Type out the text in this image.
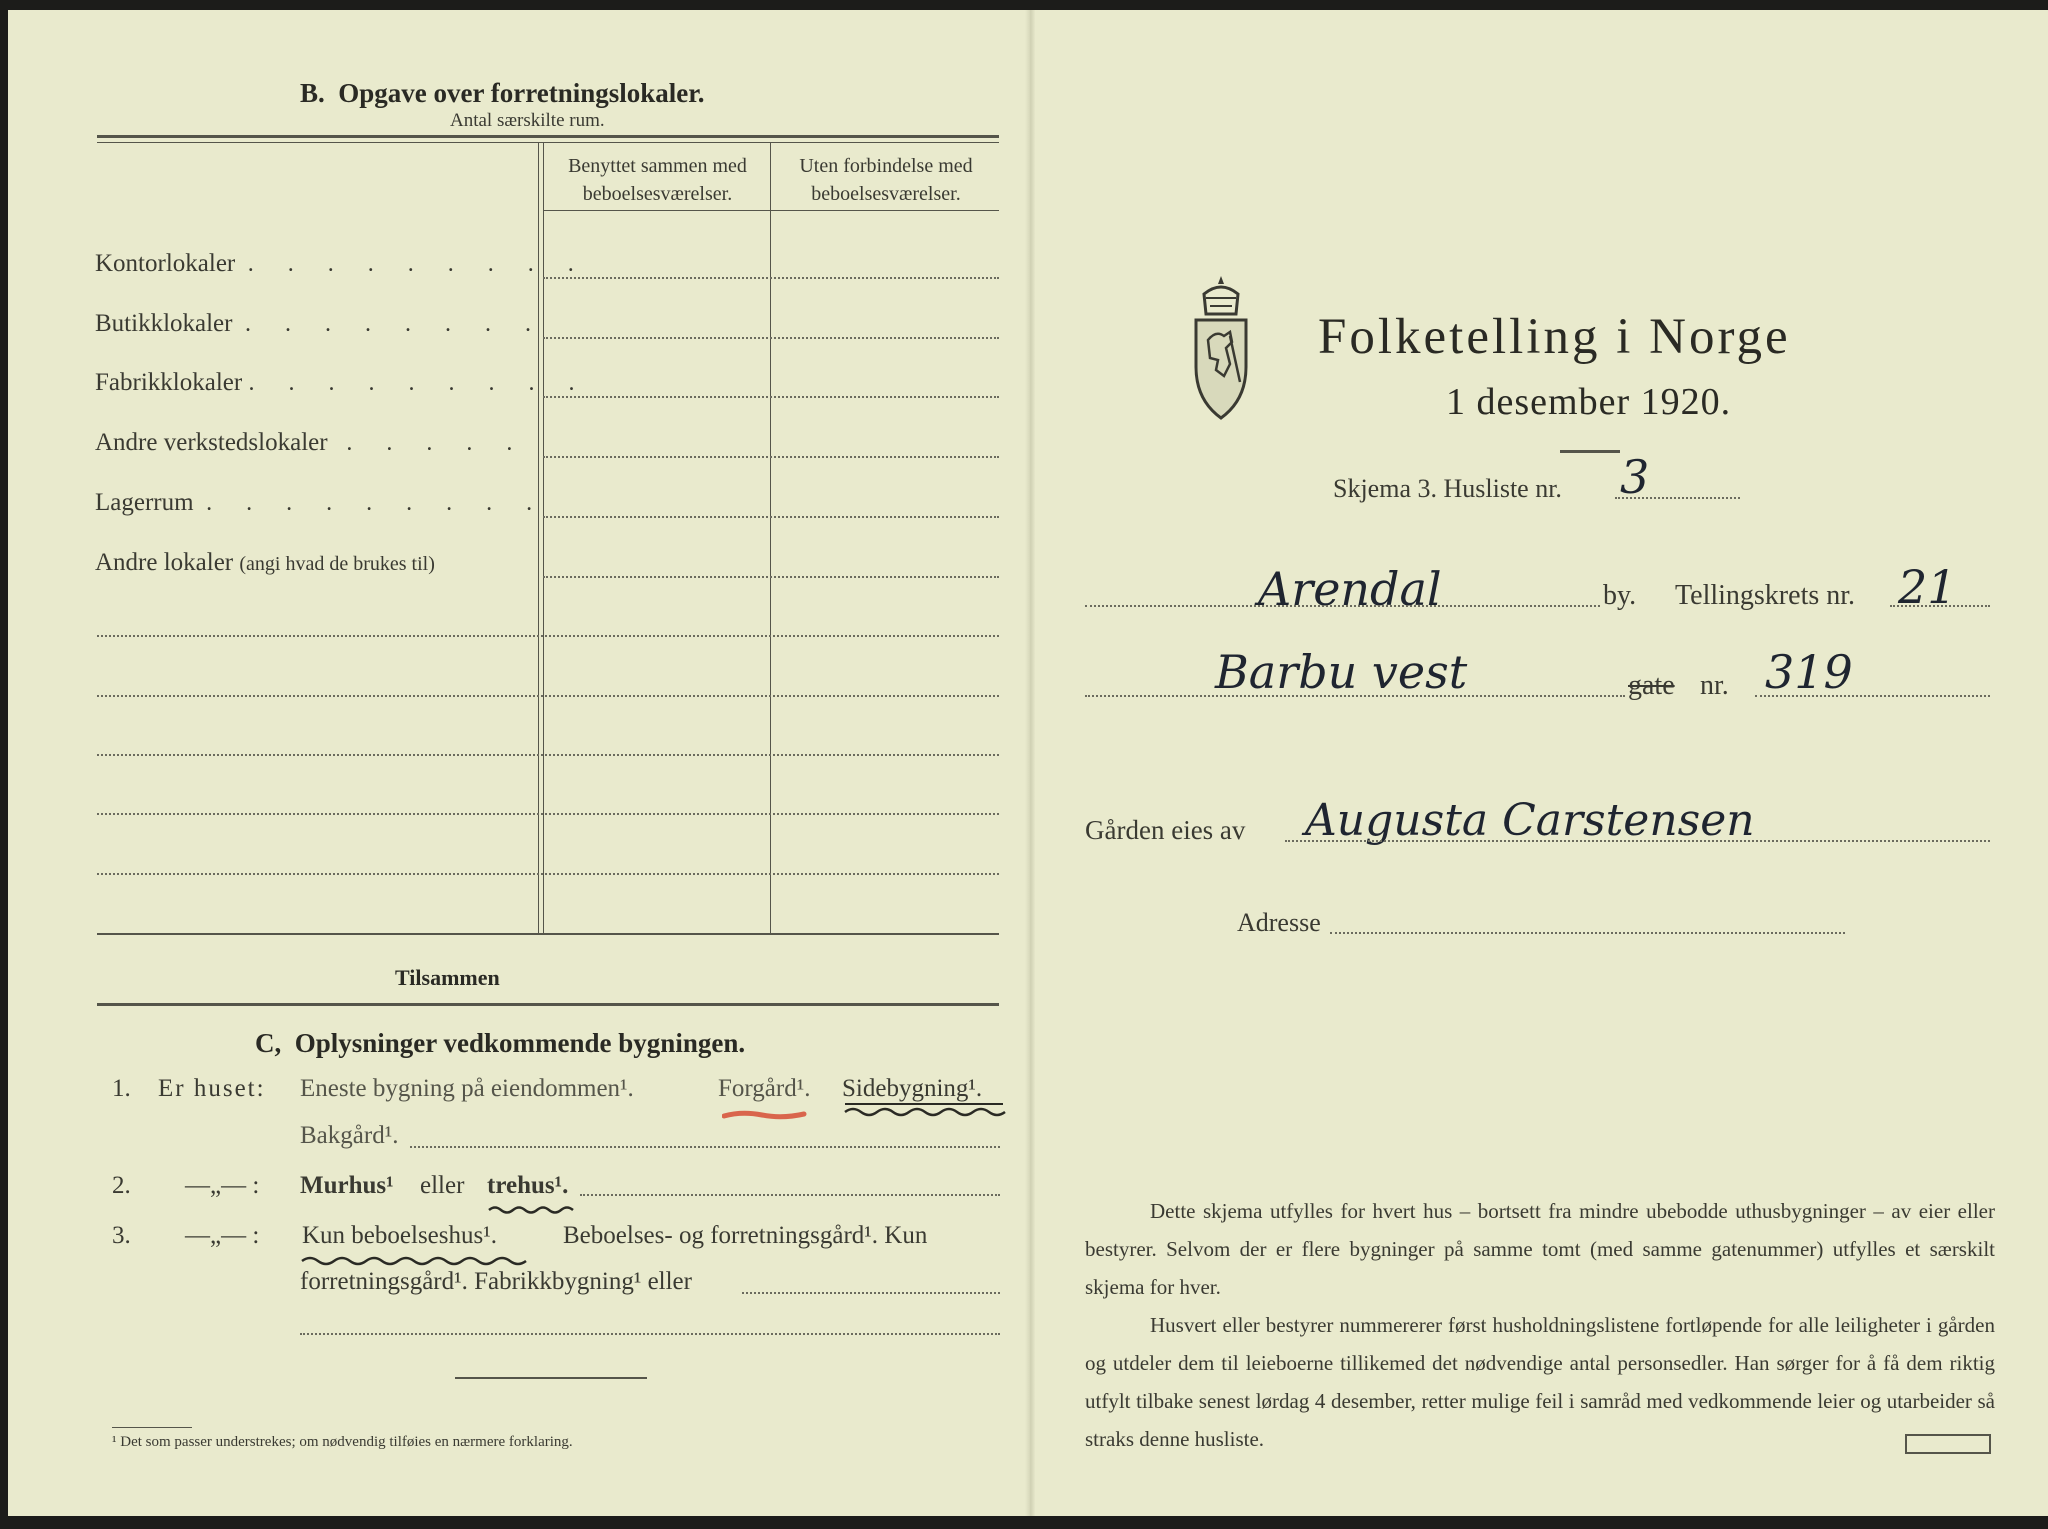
B. Opgave over forretningslokaler.
Antal særskilte rum.
Benyttet sammen med
beboelsesværelser.
Uten forbindelse med
beboelsesværelser.
Kontorlokaler . . . . . . . . .
Butikklokaler . . . . . . . .
Fabrikklokaler . . . . . . . . .
Andre verkstedslokaler . . . . .
Lagerrum . . . . . . . . .
Andre lokaler (angi hvad de brukes til)
Tilsammen
C, Oplysninger vedkommende bygningen.
1. Er huset: Eneste bygning på eiendommen¹.	Forgård¹. Sidebygning¹.
Bakgård¹.
2. —„— : Murhus¹ eller trehus¹.
3. —„— : Kun beboelseshus¹.	Beboelses- og forretningsgård¹. Kun
forretningsgård¹. Fabrikkbygning¹ eller
¹ Det som passer understrekes; om nødvendig tilføies en nærmere forklaring.
Folketelling i Norge
1 desember 1920.
Skjema 3. Husliste nr. 3
Arendal	by. Tellingskrets nr. 21
Barbu vest	gate nr. 319
Gården eies av Augusta Carstensen
Adresse
Dette skjema utfylles for hvert hus – bortsett fra mindre ubebodde uthusbygninger – av eier eller bestyrer. Selvom der er flere bygninger på samme tomt (med samme gatenummer) utfylles et særskilt skjema for hver.
Husvert eller bestyrer nummererer først husholdningslistene fortløpende for alle leiligheter i gården og utdeler dem til leieboerne tillikemed det nødvendige antal personsedler. Han sørger for å få dem riktig utfylt tilbake senest lørdag 4 desember, retter mulige feil i samråd med vedkommende leier og utarbeider så straks denne husliste.
